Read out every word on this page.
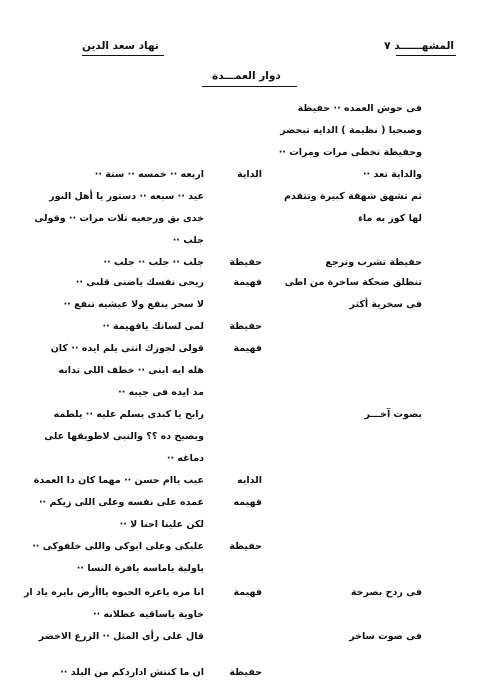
المشهــــــد ٧
نهاد سعد الدين
دوار العمـــدة
فى حوش العمده ·· حفيظة
وصبحيا ( نظيمة ) الدايه تبحضر
وحفيظة تخطى مرات ومرات ··
والداية تعد ··
الداية
اربعه ·· خمسه ·· ستة ··
ثم تشهق شهقة كبيرة وتتقدم
عيد ·· سبعه ·· دستور يا أهل النور
لها كوز به ماء
خدى بق ورجعيه تلات مرات ·· وقولى
جلب ··
حفيظة تشرب وترجع
حفيظة
جلب ·· جلب ·· جلب ··
تنطلق ضحكة ساخرة من اطى
فهيمة
ريحى نفسك ياضنى قلبى ··
فى سخرية أكثر
لا سحر ينفع ولا عيشيه تنفع ··
حفيظة
لمى لسانك يافهيمة ··
فهيمة
قولى لجوزك انتى يلم ايده ·· كان
هله ايه ابنى ·· خطف اللى تدابه
مد ايده فى جيبه ··
بصوت آخـــر
رابح يا كبدى يسلم عليه ·· يلطمه
ويصيح ده ؟؟ والنبى لاطوبقها على
دماغه ··
الدايه
عيب ياام حسن ·· مهما كان دا العمدة
فهيمه
عمده على نفسه وعلى اللى زيكم ··
لكن علينا احنا لا ··
حفيظة
عليكى وعلى ابوكى واللى خلفوكى ··
ياولية ياماسه يافرة النسا ··
فى ردح بصرخة
فهيمة
انا مره ياعره الحبوه يااأرض بايره ياد ار
خاوية ياساقيه عطلانه ··
فى صوت ساخر
قال على رأى المثل ·· الزرع الاخضر
حفيظة
ان ما كنتش اداردكم من البلد ··
